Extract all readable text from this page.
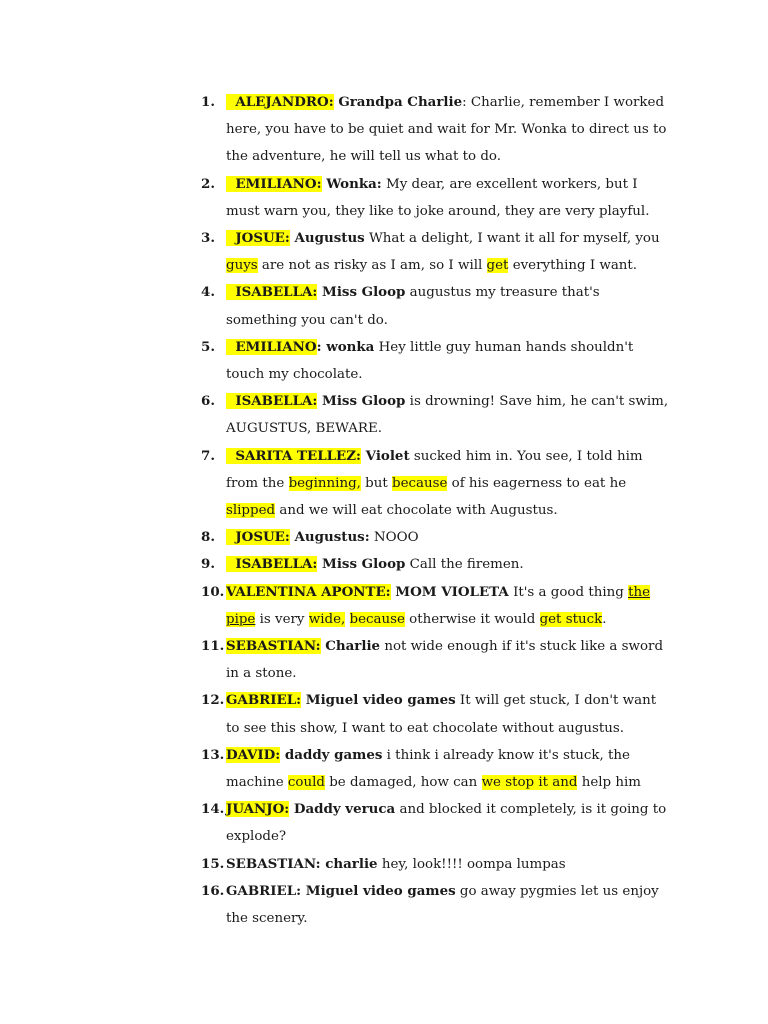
1. ALEJANDRO: Grandpa Charlie: Charlie, remember I worked here, you have to be quiet and wait for Mr. Wonka to direct us to the adventure, he will tell us what to do.
2. EMILIANO: Wonka: My dear, are excellent workers, but I must warn you, they like to joke around, they are very playful.
3. JOSUE: Augustus What a delight, I want it all for myself, you guys are not as risky as I am, so I will get everything I want.
4. ISABELLA: Miss Gloop augustus my treasure that's something you can't do.
5. EMILIANO: wonka Hey little guy human hands shouldn't touch my chocolate.
6. ISABELLA: Miss Gloop is drowning! Save him, he can't swim, AUGUSTUS, BEWARE.
7. SARITA TELLEZ: Violet sucked him in. You see, I told him from the beginning, but because of his eagerness to eat he slipped and we will eat chocolate with Augustus.
8. JOSUE: Augustus: NOOO
9. ISABELLA: Miss Gloop Call the firemen.
10. VALENTINA APONTE: MOM VIOLETA It's a good thing the pipe is very wide, because otherwise it would get stuck.
11. SEBASTIAN: Charlie not wide enough if it's stuck like a sword in a stone.
12. GABRIEL: Miguel video games It will get stuck, I don't want to see this show, I want to eat chocolate without augustus.
13. DAVID: daddy games i think i already know it's stuck, the machine could be damaged, how can we stop it and help him
14. JUANJO: Daddy veruca and blocked it completely, is it going to explode?
15. SEBASTIAN: charlie hey, look!!!! oompa lumpas
16. GABRIEL: Miguel video games go away pygmies let us enjoy the scenery.
